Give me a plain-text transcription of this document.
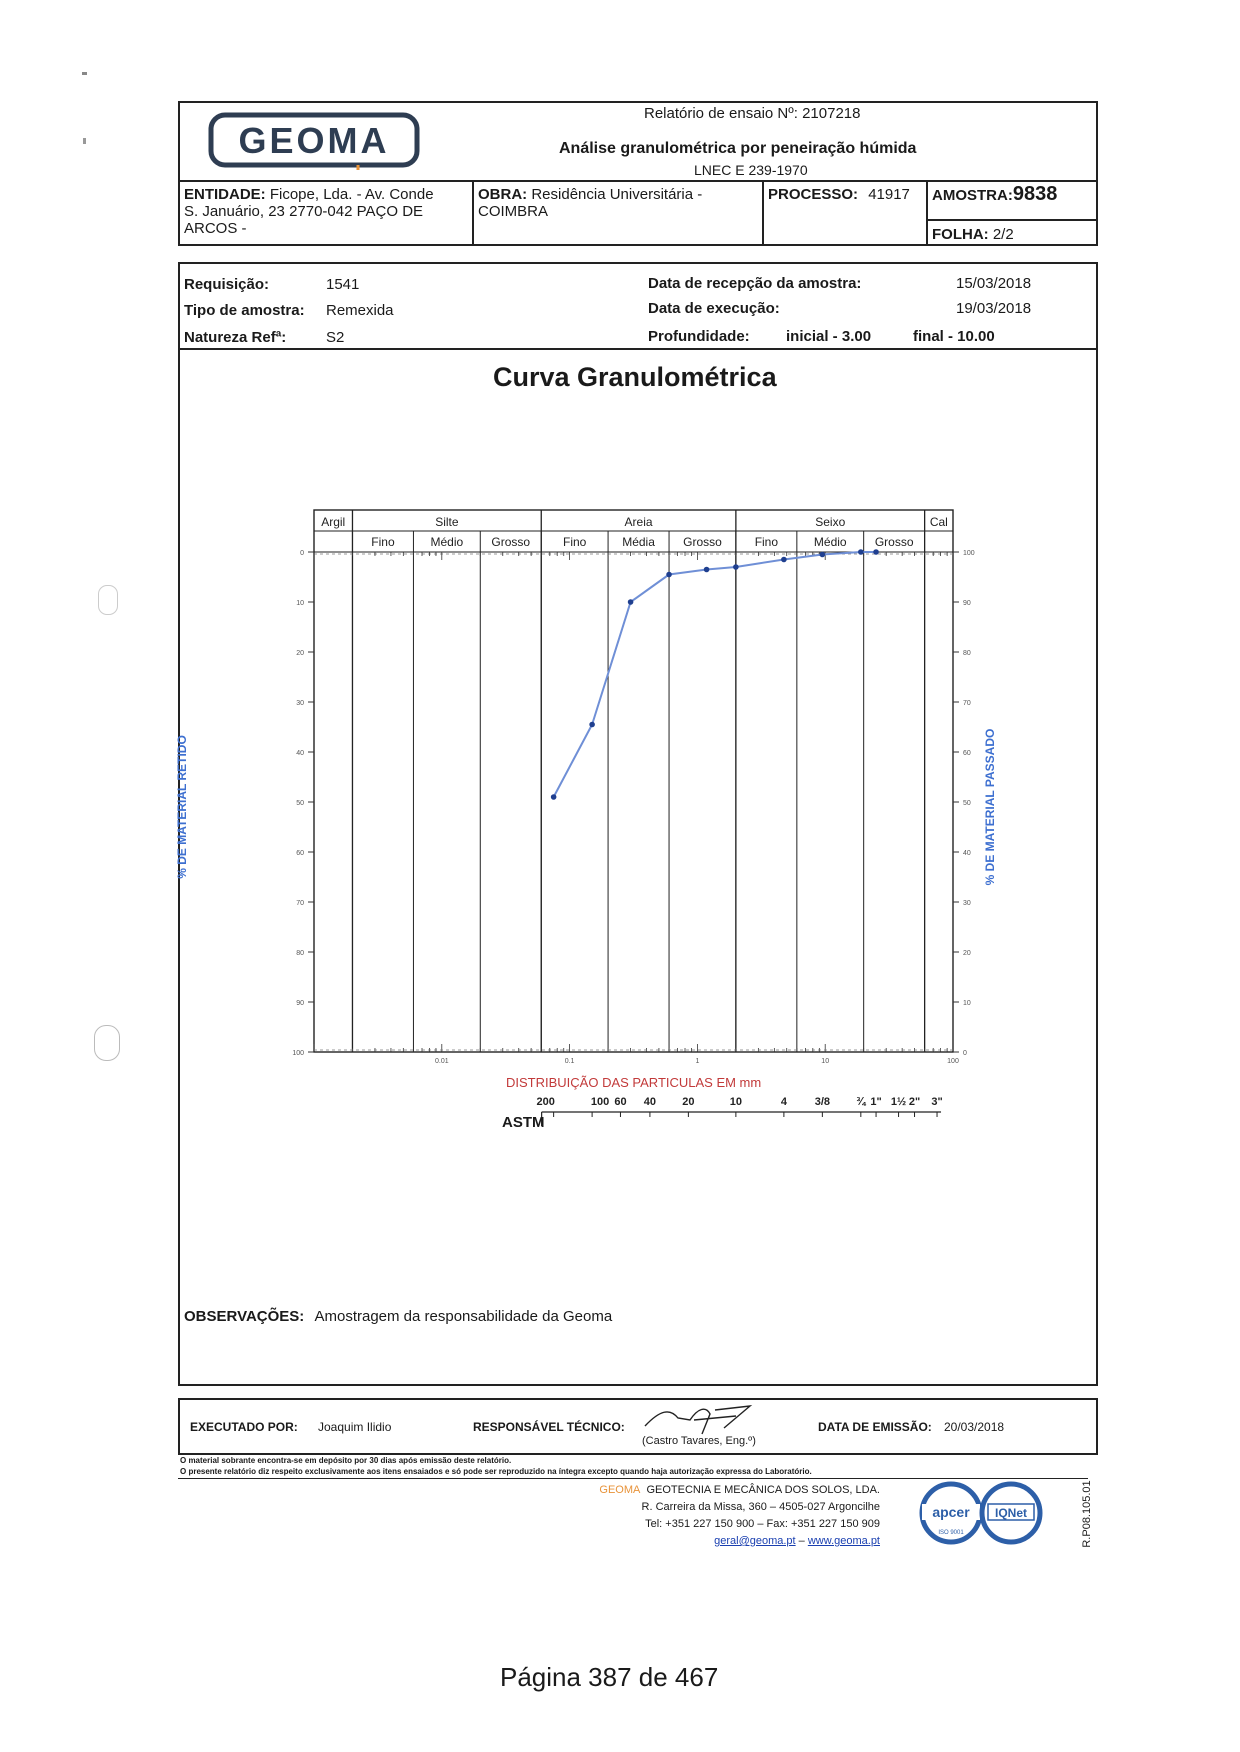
GEOMA
Relatório de ensaio Nº: 2107218
Análise granulométrica por peneiração húmida
LNEC E 239-1970
ENTIDADE: Ficope, Lda. - Av. Conde
S. Januário, 23 2770-042 PAÇO DE
ARCOS -
OBRA: Residência Universitária -
COIMBRA
PROCESSO: 41917	AMOSTRA:9838
FOLHA: 2/2
Requisição:	1541
Tipo de amostra: Remexida
Natureza Refª:	S2
Data de recepção da amostra:	15/03/2018
Data de execução:	19/03/2018
Profundidade: inicial - 3.00	final - 10.00
Curva Granulométrica
Argil	Silte	Areia	Seixo	Cal
Fino	Médio Grosso	Fino	Média Grosso	Fino	Médio Grosso
0
10
20
30
40
50
60
70
80
90
100
100
90
80
70
60
50
40
30
20
10
0
0.01	0.1	1	10	100
200	100 60 40 20	10	4	3/8 ¾ 1" 1½ 2" 3"
% DE MATERIAL RETIDO	% DE MATERIAL PASSADO
DISTRIBUIÇÃO DAS PARTICULAS EM mm
ASTM
OBSERVAÇÕES: Amostragem da responsabilidade da Geoma
EXECUTADO POR: Joaquim Ilidio	RESPONSÁVEL TÉCNICO:
(Castro Tavares, Eng.º)
DATA DE EMISSÃO: 20/03/2018
O material sobrante encontra-se em depósito por 30 dias após emissão deste relatório.
O presente relatório diz respeito exclusivamente aos itens ensaiados e só pode ser reproduzido na íntegra excepto quando haja autorização expressa do Laboratório.
GEOMA GEOTECNIA E MECÂNICA DOS SOLOS, LDA.
R. Carreira da Missa, 360 – 4505-027 Argoncilhe
Tel: +351 227 150 900 – Fax: +351 227 150 909
geral@geoma.pt – www.geoma.pt
apcer
ISO 9001
IQNet	R.P08.105.01
Página 387 de 467
